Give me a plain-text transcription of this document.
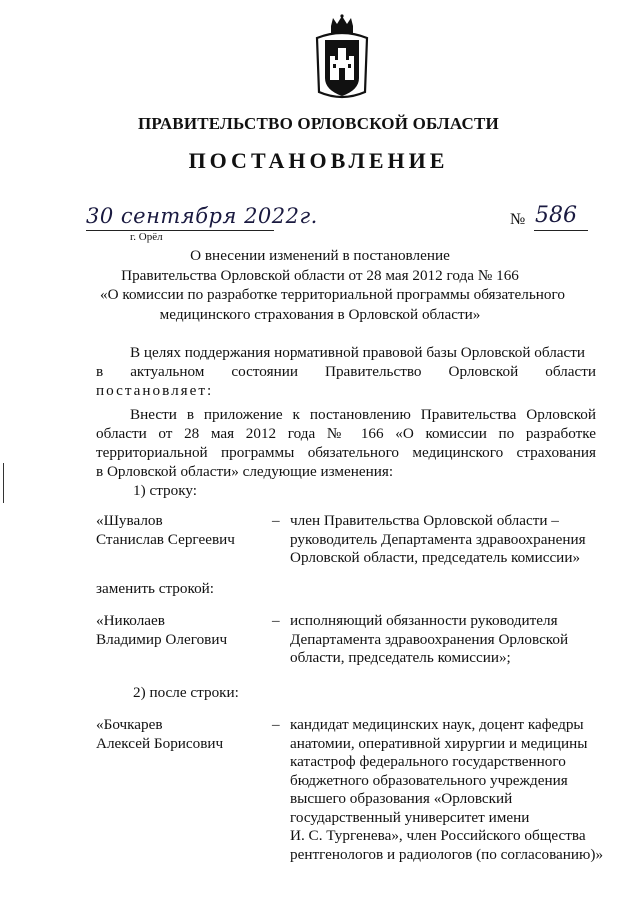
ПРАВИТЕЛЬСТВО ОРЛОВСКОЙ ОБЛАСТИ
ПОСТАНОВЛЕНИЕ
30 сентября 2022г.
г. Орёл
№ 586
О внесении изменений в постановление
Правительства Орловской области от 28 мая 2012 года № 166
«О комиссии по разработке территориальной программы обязательного
медицинского страхования в Орловской области»
В целях поддержания нормативной правовой базы Орловской области
в актуальном состоянии Правительство Орловской области
постановляет:
Внести в приложение к постановлению Правительства Орловской
области от 28 мая 2012 года № 166 «О комиссии по разработке
территориальной программы обязательного медицинского страхования
в Орловской области» следующие изменения:
1) строку:
«Шувалов
Станислав Сергеевич
– член Правительства Орловской области –
руководитель Департамента здравоохранения
Орловской области, председатель комиссии»
заменить строкой:
«Николаев
Владимир Олегович
– исполняющий обязанности руководителя
Департамента здравоохранения Орловской
области, председатель комиссии»;
2) после строки:
«Бочкарев
Алексей Борисович
– кандидат медицинских наук, доцент кафедры
анатомии, оперативной хирургии и медицины
катастроф федерального государственного
бюджетного образовательного учреждения
высшего образования «Орловский
государственный университет имени
И. С. Тургенева», член Российского общества
рентгенологов и радиологов (по согласованию)»
